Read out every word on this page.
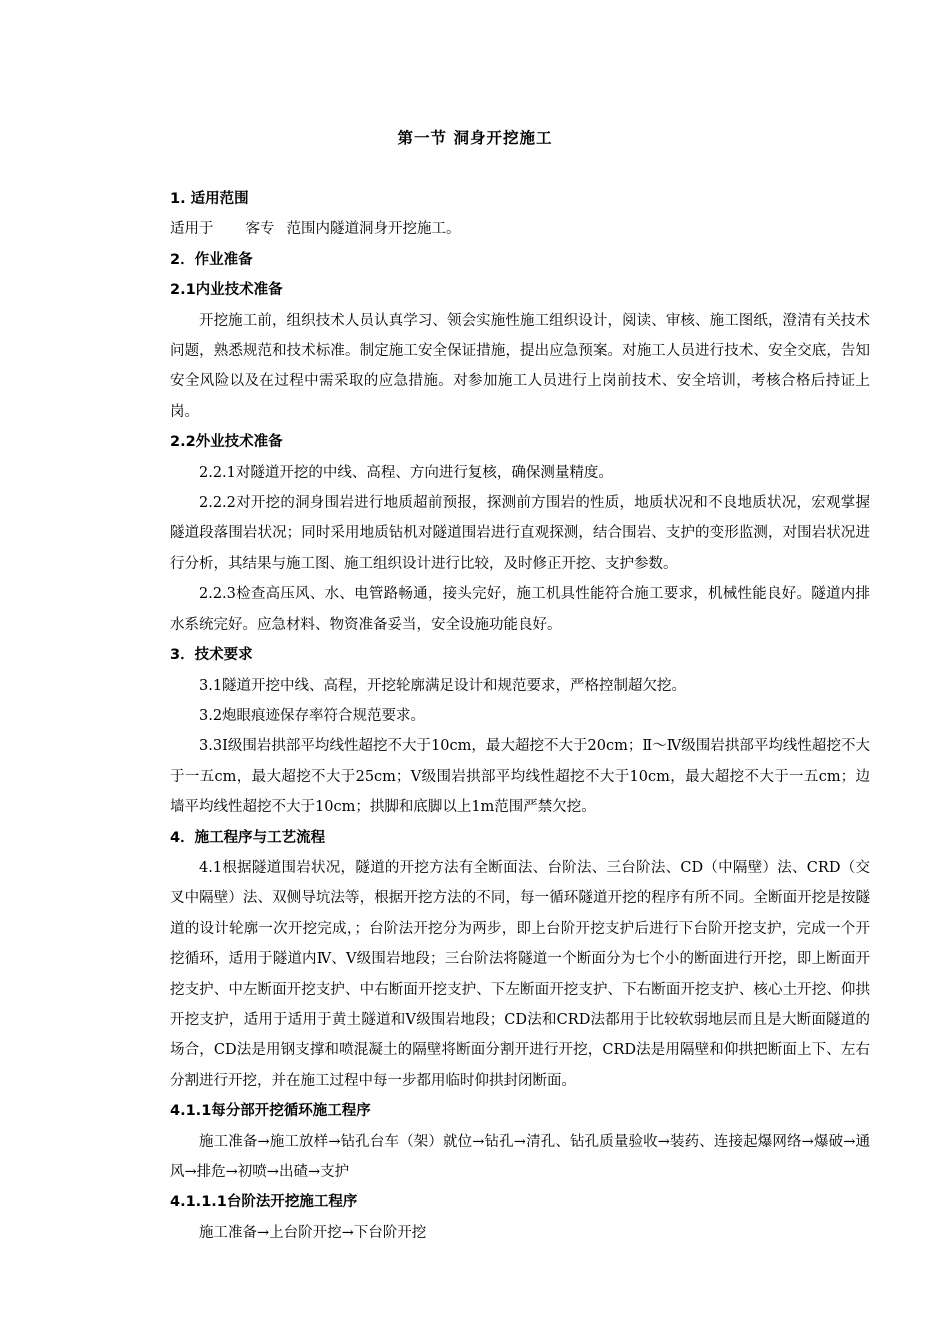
第一节 洞身开挖施工

1. 适用范围

适用于 客专 范围内隧道洞身开挖施工。

2．作业准备

2.1内业技术准备

开挖施工前，组织技术人员认真学习、领会实施性施工组织设计，阅读、审核、施工图纸，澄清有关技术问题，熟悉规范和技术标准。制定施工安全保证措施，提出应急预案。对施工人员进行技术、安全交底，告知安全风险以及在过程中需采取的应急措施。对参加施工人员进行上岗前技术、安全培训，考核合格后持证上岗。

2.2外业技术准备

2.2.1对隧道开挖的中线、高程、方向进行复核，确保测量精度。

2.2.2对开挖的洞身围岩进行地质超前预报，探测前方围岩的性质，地质状况和不良地质状况，宏观掌握隧道段落围岩状况；同时采用地质钻机对隧道围岩进行直观探测，结合围岩、支护的变形监测，对围岩状况进行分析，其结果与施工图、施工组织设计进行比较，及时修正开挖、支护参数。

2.2.3检查高压风、水、电管路畅通，接头完好，施工机具性能符合施工要求，机械性能良好。隧道内排水系统完好。应急材料、物资准备妥当，安全设施功能良好。

3．技术要求

3.1隧道开挖中线、高程，开挖轮廓满足设计和规范要求，严格控制超欠挖。

3.2炮眼痕迹保存率符合规范要求。

3.3Ⅰ级围岩拱部平均线性超挖不大于10cm，最大超挖不大于20cm；Ⅱ～Ⅳ级围岩拱部平均线性超挖不大于一五cm，最大超挖不大于25cm；Ⅴ级围岩拱部平均线性超挖不大于10cm，最大超挖不大于一五cm；边墙平均线性超挖不大于10cm；拱脚和底脚以上1m范围严禁欠挖。

4．施工程序与工艺流程

4.1根据隧道围岩状况，隧道的开挖方法有全断面法、台阶法、三台阶法、CD（中隔壁）法、CRD（交叉中隔壁）法、双侧导坑法等，根据开挖方法的不同，每一循环隧道开挖的程序有所不同。全断面开挖是按隧道的设计轮廓一次开挖完成，；台阶法开挖分为两步，即上台阶开挖支护后进行下台阶开挖支护，完成一个开挖循环，适用于隧道内Ⅳ、Ⅴ级围岩地段；三台阶法将隧道一个断面分为七个小的断面进行开挖，即上断面开挖支护、中左断面开挖支护、中右断面开挖支护、下左断面开挖支护、下右断面开挖支护、核心土开挖、仰拱开挖支护，适用于适用于黄土隧道和Ⅴ级围岩地段；CD法和CRD法都用于比较软弱地层而且是大断面隧道的场合，CD法是用钢支撑和喷混凝土的隔壁将断面分割开进行开挖，CRD法是用隔壁和仰拱把断面上下、左右分割进行开挖，并在施工过程中每一步都用临时仰拱封闭断面。

4.1.1每分部开挖循环施工程序

施工准备→施工放样→钻孔台车（架）就位→钻孔→清孔、钻孔质量验收→装药、连接起爆网络→爆破→通风→排危→初喷→出碴→支护

4.1.1.1台阶法开挖施工程序

施工准备→上台阶开挖→下台阶开挖
